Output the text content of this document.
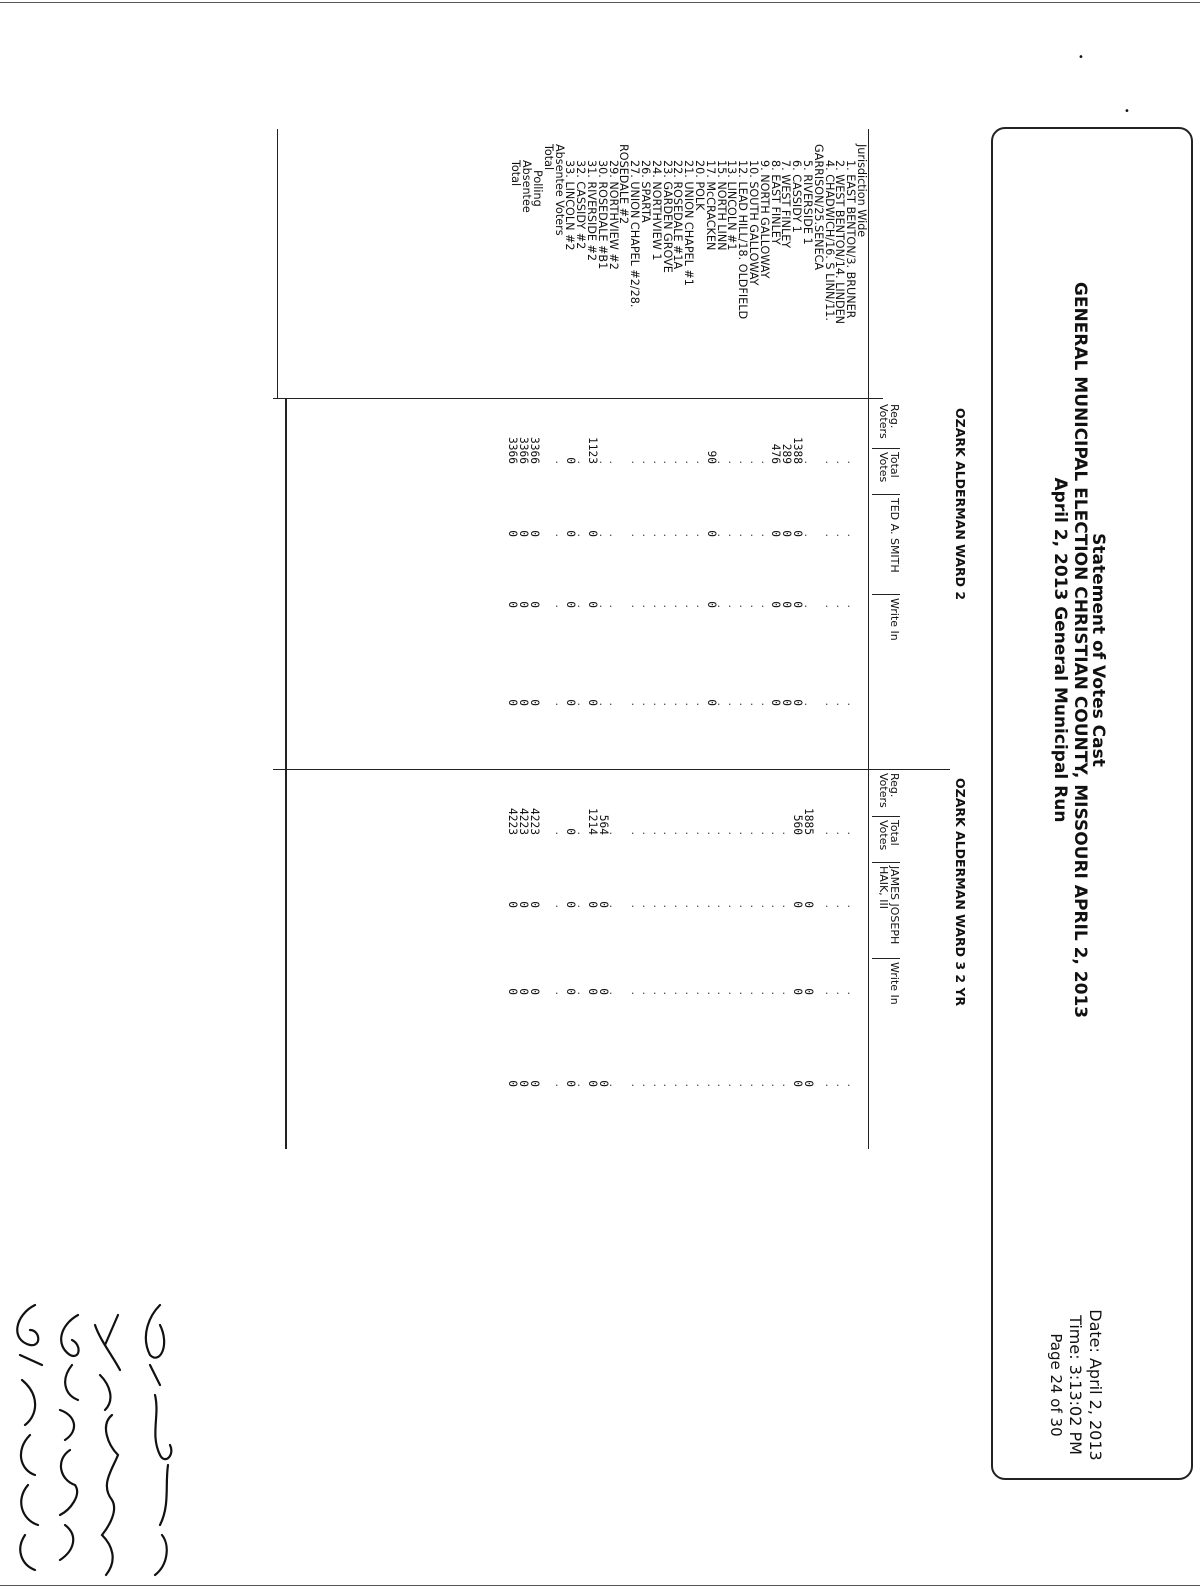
Statement of Votes Cast
GENERAL MUNICIPAL ELECTION CHRISTIAN COUNTY, MISSOURI APRIL 2, 2013
April 2, 2013 General Municipal Run
Date: April 2, 2013
Time: 3:13:02 PM
Page 24 of 30
OZARK ALDERMAN WARD 2
OZARK ALDERMAN WARD 3 2 YR
Jurisdiction Wide
1. EAST BENTON/3. BRUNER
2. WEST BENTON/14. LINDEN
4. CHADWICH/16. S LINN/11.
GARRISON/25.SENECA
5. RIVERSIDE 1
6. CASSIDY 1
7. WEST FINLEY
8. EAST FINLEY
9. NORTH GALLOWAY
10. SOUTH GALLOWAY
12. LEAD HILL/18. OLDFIELD
13. LINCOLN #1
15. NORTH LINN
17. McCRACKEN
20. POLK
21. UNION CHAPEL #1
22. ROSEDALE #1A
23. GARDEN GROVE
24. NORTHVIEW 1
26. SPARTA
27. UNION CHAPEL #2/28.
ROSEDALE #2
29. NORTHVIEW #2
30. ROSEDALE #B1
31. RIVERSIDE #2
32. CASSIDY #2
33. LINCOLN #2
Absentee Voters
Total
Polling
Absentee
Total
Reg. Voters
Total Votes
TED A. SMITH
Write In
.
.
.
.
.
.
.
.
.
.
.
.
.
.
.
.
1388
0
0
0
289
0
0
0
476
0
0
0
.
.
.
.
.
.
.
.
.
.
.
.
.
.
.
.
.
.
.
.
90
0
0
0
.
.
.
.
.
.
.
.
.
.
.
.
.
.
.
.
.
.
.
.
.
.
.
.
.
.
.
.
.
.
.
.
.
.
.
.
1123
0
0
0
.
.
.
.
0
0
0
0
.
.
.
.
3366
0
0
0
3366
0
0
0
3366
0
0
0
Reg. Voters
Total Votes
JAMES JOSEPH HAIK, III
Write In
.
.
.
.
.
.
.
.
.
.
.
.
1885
0
0
0
560
0
0
0
.
.
.
.
.
.
.
.
.
.
.
.
.
.
.
.
.
.
.
.
.
.
.
.
.
.
.
.
.
.
.
.
.
.
.
.
.
.
.
.
.
.
.
.
.
.
.
.
.
.
.
.
.
.
.
.
.
.
.
.
.
.
.
.
564
0
0
0
1214
0
0
0
.
.
.
.
0
0
0
0
.
.
.
.
4223
0
0
0
4223
0
0
0
4223
0
0
0
•
•
